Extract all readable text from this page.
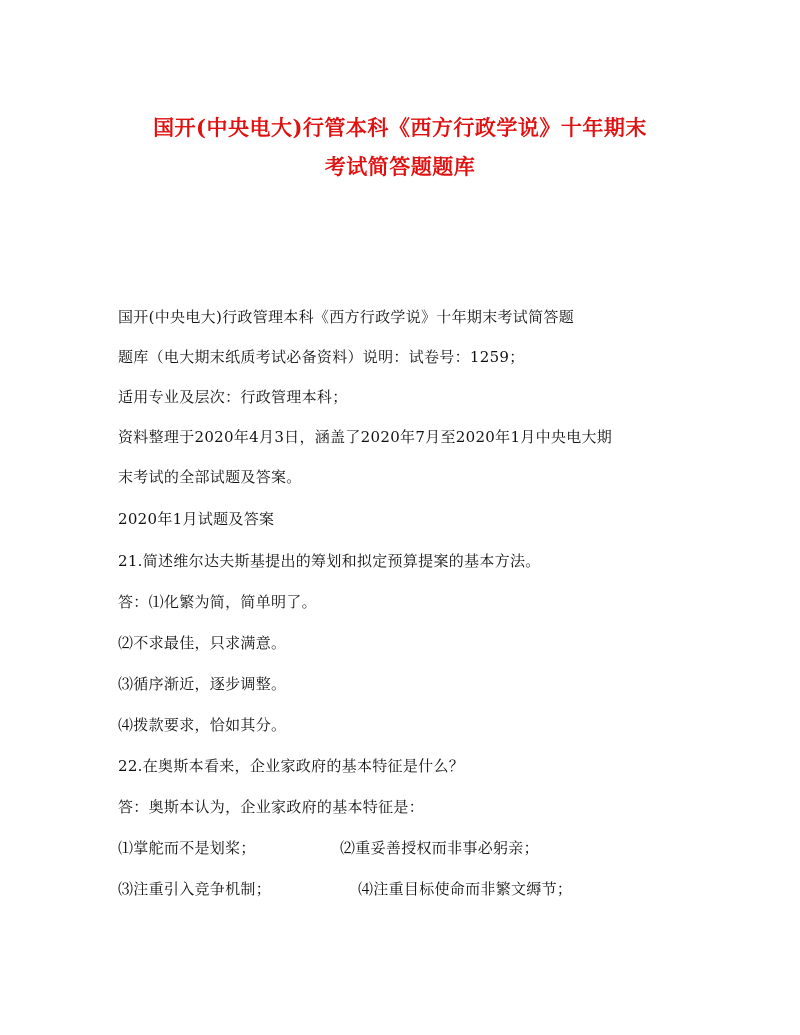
国开(中央电大)行管本科《西方行政学说》十年期末
考试简答题题库
国开(中央电大)行政管理本科《西方行政学说》十年期末考试简答题
题库（电大期末纸质考试必备资料）说明：试卷号：1259；
适用专业及层次：行政管理本科；
资料整理于2020年4月3日，涵盖了2020年7月至2020年1月中央电大期
末考试的全部试题及答案。
2020年1月试题及答案
21.简述维尔达夫斯基提出的筹划和拟定预算提案的基本方法。
答：⑴化繁为简，简单明了。
⑵不求最佳，只求满意。
⑶循序渐近，逐步调整。
⑷拨款要求，恰如其分。
22.在奥斯本看来，企业家政府的基本特征是什么？
答：奥斯本认为，企业家政府的基本特征是：
⑴掌舵而不是划桨；	⑵重妥善授权而非事必躬亲；
⑶注重引入竞争机制；	⑷注重目标使命而非繁文缛节；
